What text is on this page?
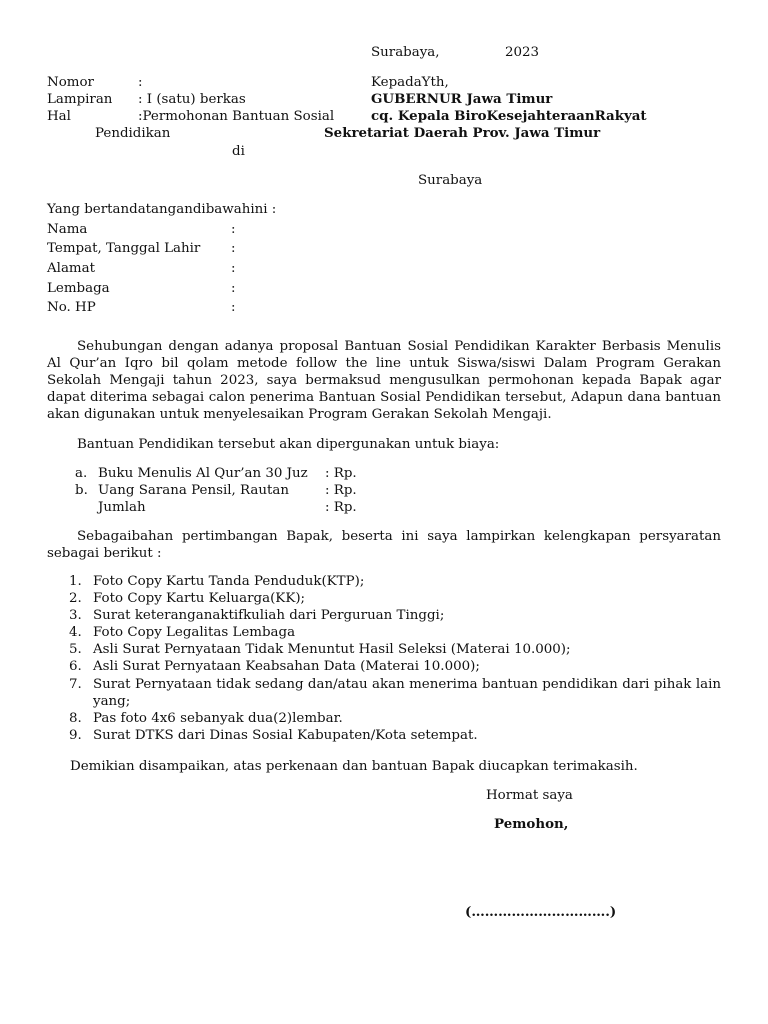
Surabaya,	2023
Nomor	:
Lampiran : I (satu) berkas
Hal	:Permohonan Bantuan Sosial
Pendidikan
KepadaYth,
GUBERNUR Jawa Timur
cq. Kepala BiroKesejahteraanRakyat
Sekretariat Daerah Prov. Jawa Timur
di
Surabaya
Yang bertandatangandibawahini :
Nama	:
Tempat, Tanggal Lahir :
Alamat	:
Lembaga	:
No. HP	:
Sehubungan dengan adanya proposal Bantuan Sosial Pendidikan Karakter Berbasis Menulis Al Qur’an Iqro bil qolam metode follow the line untuk Siswa/siswi Dalam Program Gerakan Sekolah Mengaji tahun 2023, saya bermaksud mengusulkan permohonan kepada Bapak agar dapat diterima sebagai calon penerima Bantuan Sosial Pendidikan tersebut, Adapun dana bantuan akan digunakan untuk menyelesaikan Program Gerakan Sekolah Mengaji.
Bantuan Pendidikan tersebut akan dipergunakan untuk biaya:
a. Buku Menulis Al Qur’an 30 Juz : Rp.
b. Uang Sarana Pensil, Rautan	: Rp.
Jumlah	: Rp.
Sebagaibahan pertimbangan Bapak, beserta ini saya lampirkan kelengkapan persyaratan sebagai berikut :
1. Foto Copy Kartu Tanda Penduduk(KTP);
2. Foto Copy Kartu Keluarga(KK);
3. Surat keteranganaktifkuliah dari Perguruan Tinggi;
4. Foto Copy Legalitas Lembaga
5. Asli Surat Pernyataan Tidak Menuntut Hasil Seleksi (Materai 10.000);
6. Asli Surat Pernyataan Keabsahan Data (Materai 10.000);
7. Surat Pernyataan tidak sedang dan/atau akan menerima bantuan pendidikan dari pihak lain yang;
8. Pas foto 4x6 sebanyak dua(2)lembar.
9. Surat DTKS dari Dinas Sosial Kabupaten/Kota setempat.
Demikian disampaikan, atas perkenaan dan bantuan Bapak diucapkan terimakasih.
Hormat saya
Pemohon,
(………………………….)
